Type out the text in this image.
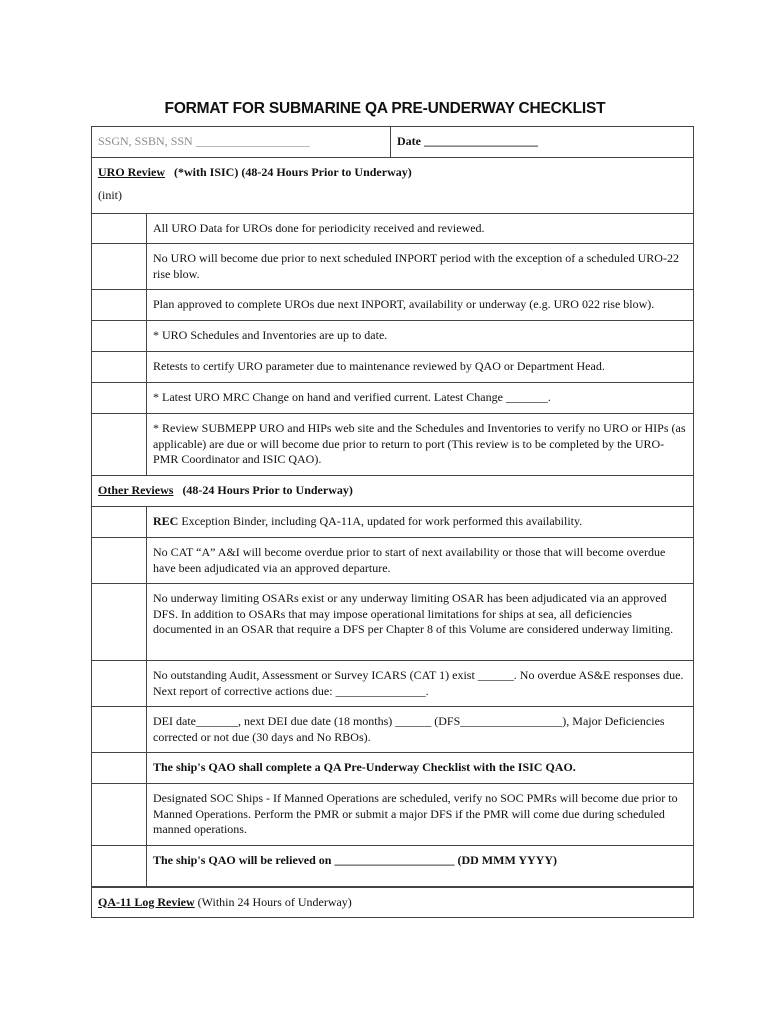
FORMAT FOR SUBMARINE QA PRE-UNDERWAY CHECKLIST
SSGN, SSBN, SSN ___________________		Date ___________________

URO Review (*with ISIC) (48-24 Hours Prior to Underway)
(init)		

	All URO Data for UROs done for periodicity received and reviewed.	
	No URO will become due prior to next scheduled INPORT period with the exception of a scheduled URO-22 rise blow.	
	Plan approved to complete UROs due next INPORT, availability or underway (e.g. URO 022 rise blow).	
	* URO Schedules and Inventories are up to date.	
	Retests to certify URO parameter due to maintenance reviewed by QAO or Department Head.	
	* Latest URO MRC Change on hand and verified current. Latest Change _______.	
	* Review SUBMEPP URO and HIPs web site and the Schedules and Inventories to verify no URO or HIPs (as applicable) are due or will become due prior to return to port (This review is to be completed by the URO-PMR Coordinator and ISIC QAO).	
Other Reviews (48-24 Hours Prior to Underway)		
	REC Exception Binder, including QA-11A, updated for work performed this availability.	
	No CAT “A” A&I will become overdue prior to start of next availability or those that will become overdue have been adjudicated via an approved departure.	
	No underway limiting OSARs exist or any underway limiting OSAR has been adjudicated via an approved DFS. In addition to OSARs that may impose operational limitations for ships at sea, all deficiencies documented in an OSAR that require a DFS per Chapter 8 of this Volume are considered underway limiting.	
	No outstanding Audit, Assessment or Survey ICARS (CAT 1) exist ______. No overdue AS&E responses due. Next report of corrective actions due: _______________.	
	DEI date_______, next DEI due date (18 months) ______ (DFS_________________), Major Deficiencies corrected or not due (30 days and No RBOs).	
	The ship's QAO shall complete a QA Pre-Underway Checklist with the ISIC QAO.	
	Designated SOC Ships - If Manned Operations are scheduled, verify no SOC PMRs will become due prior to Manned Operations. Perform the PMR or submit a major DFS if the PMR will come due during scheduled manned operations.	
	The ship's QAO will be relieved on ____________________ (DD MMM YYYY)	
QA-11 Log Review (Within 24 Hours of Underway)		
